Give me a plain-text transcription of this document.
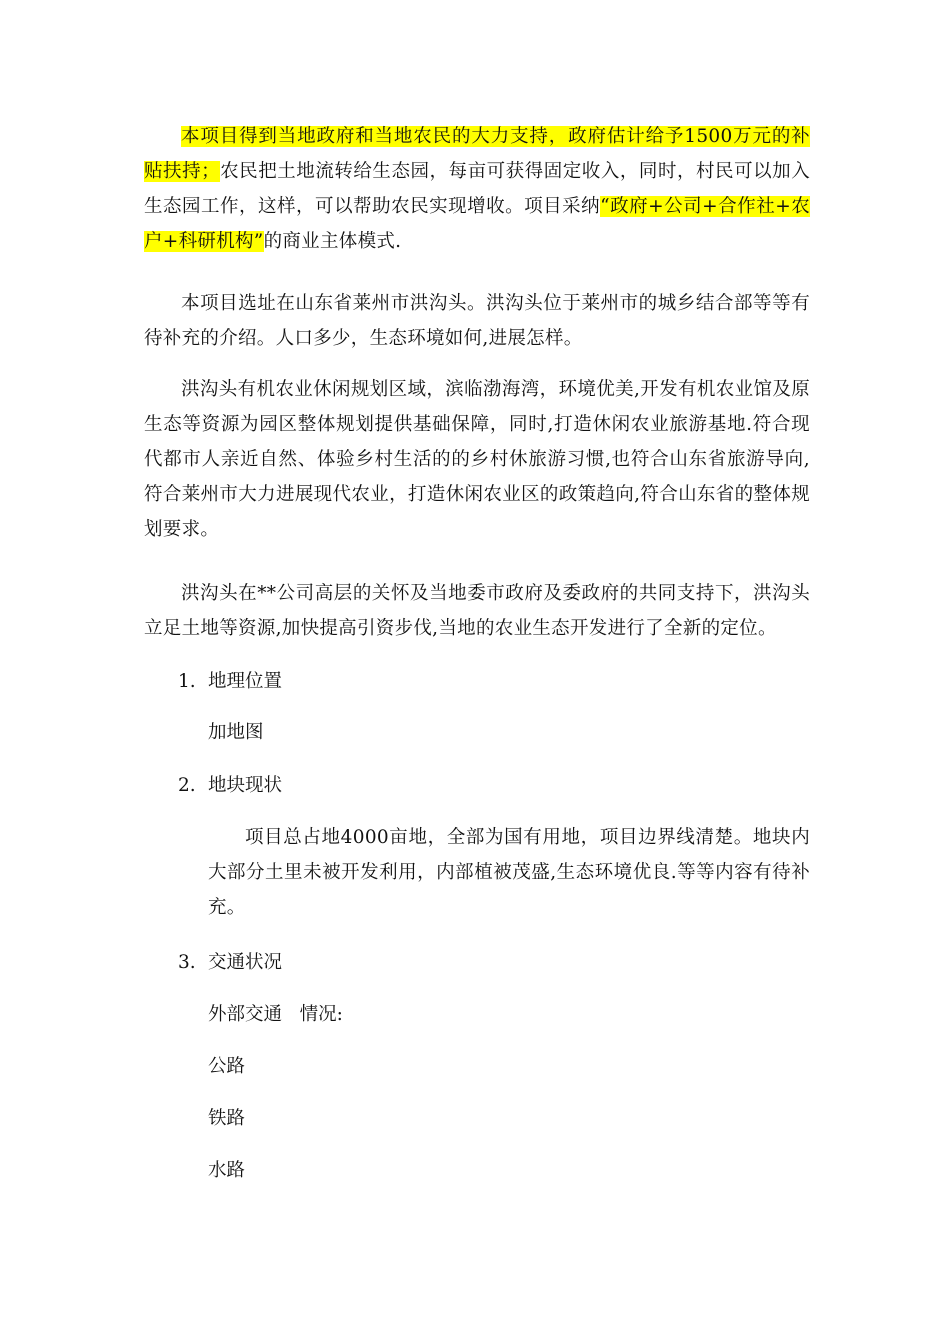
本项目得到当地政府和当地农民的大力支持，政府估计给予1500万元的补贴扶持；农民把土地流转给生态园，每亩可获得固定收入，同时，村民可以加入生态园工作，这样，可以帮助农民实现增收。项目采纳“政府+公司+合作社+农户+科研机构”的商业主体模式.

本项目选址在山东省莱州市洪沟头。洪沟头位于莱州市的城乡结合部等等有待补充的介绍。人口多少，生态环境如何,进展怎样。

洪沟头有机农业休闲规划区域，滨临渤海湾，环境优美,开发有机农业馆及原生态等资源为园区整体规划提供基础保障，同时,打造休闲农业旅游基地.符合现代都市人亲近自然、体验乡村生活的的乡村休旅游习惯,也符合山东省旅游导向,符合莱州市大力进展现代农业，打造休闲农业区的政策趋向,符合山东省的整体规划要求。

洪沟头在**公司高层的关怀及当地委市政府及委政府的共同支持下，洪沟头立足土地等资源,加快提高引资步伐,当地的农业生态开发进行了全新的定位。

1. 地理位置

加地图

2. 地块现状

项目总占地4000亩地，全部为国有用地，项目边界线清楚。地块内大部分土里未被开发利用，内部植被茂盛,生态环境优良.等等内容有待补充。

3. 交通状况

外部交通   情况:

公路

铁路

水路
